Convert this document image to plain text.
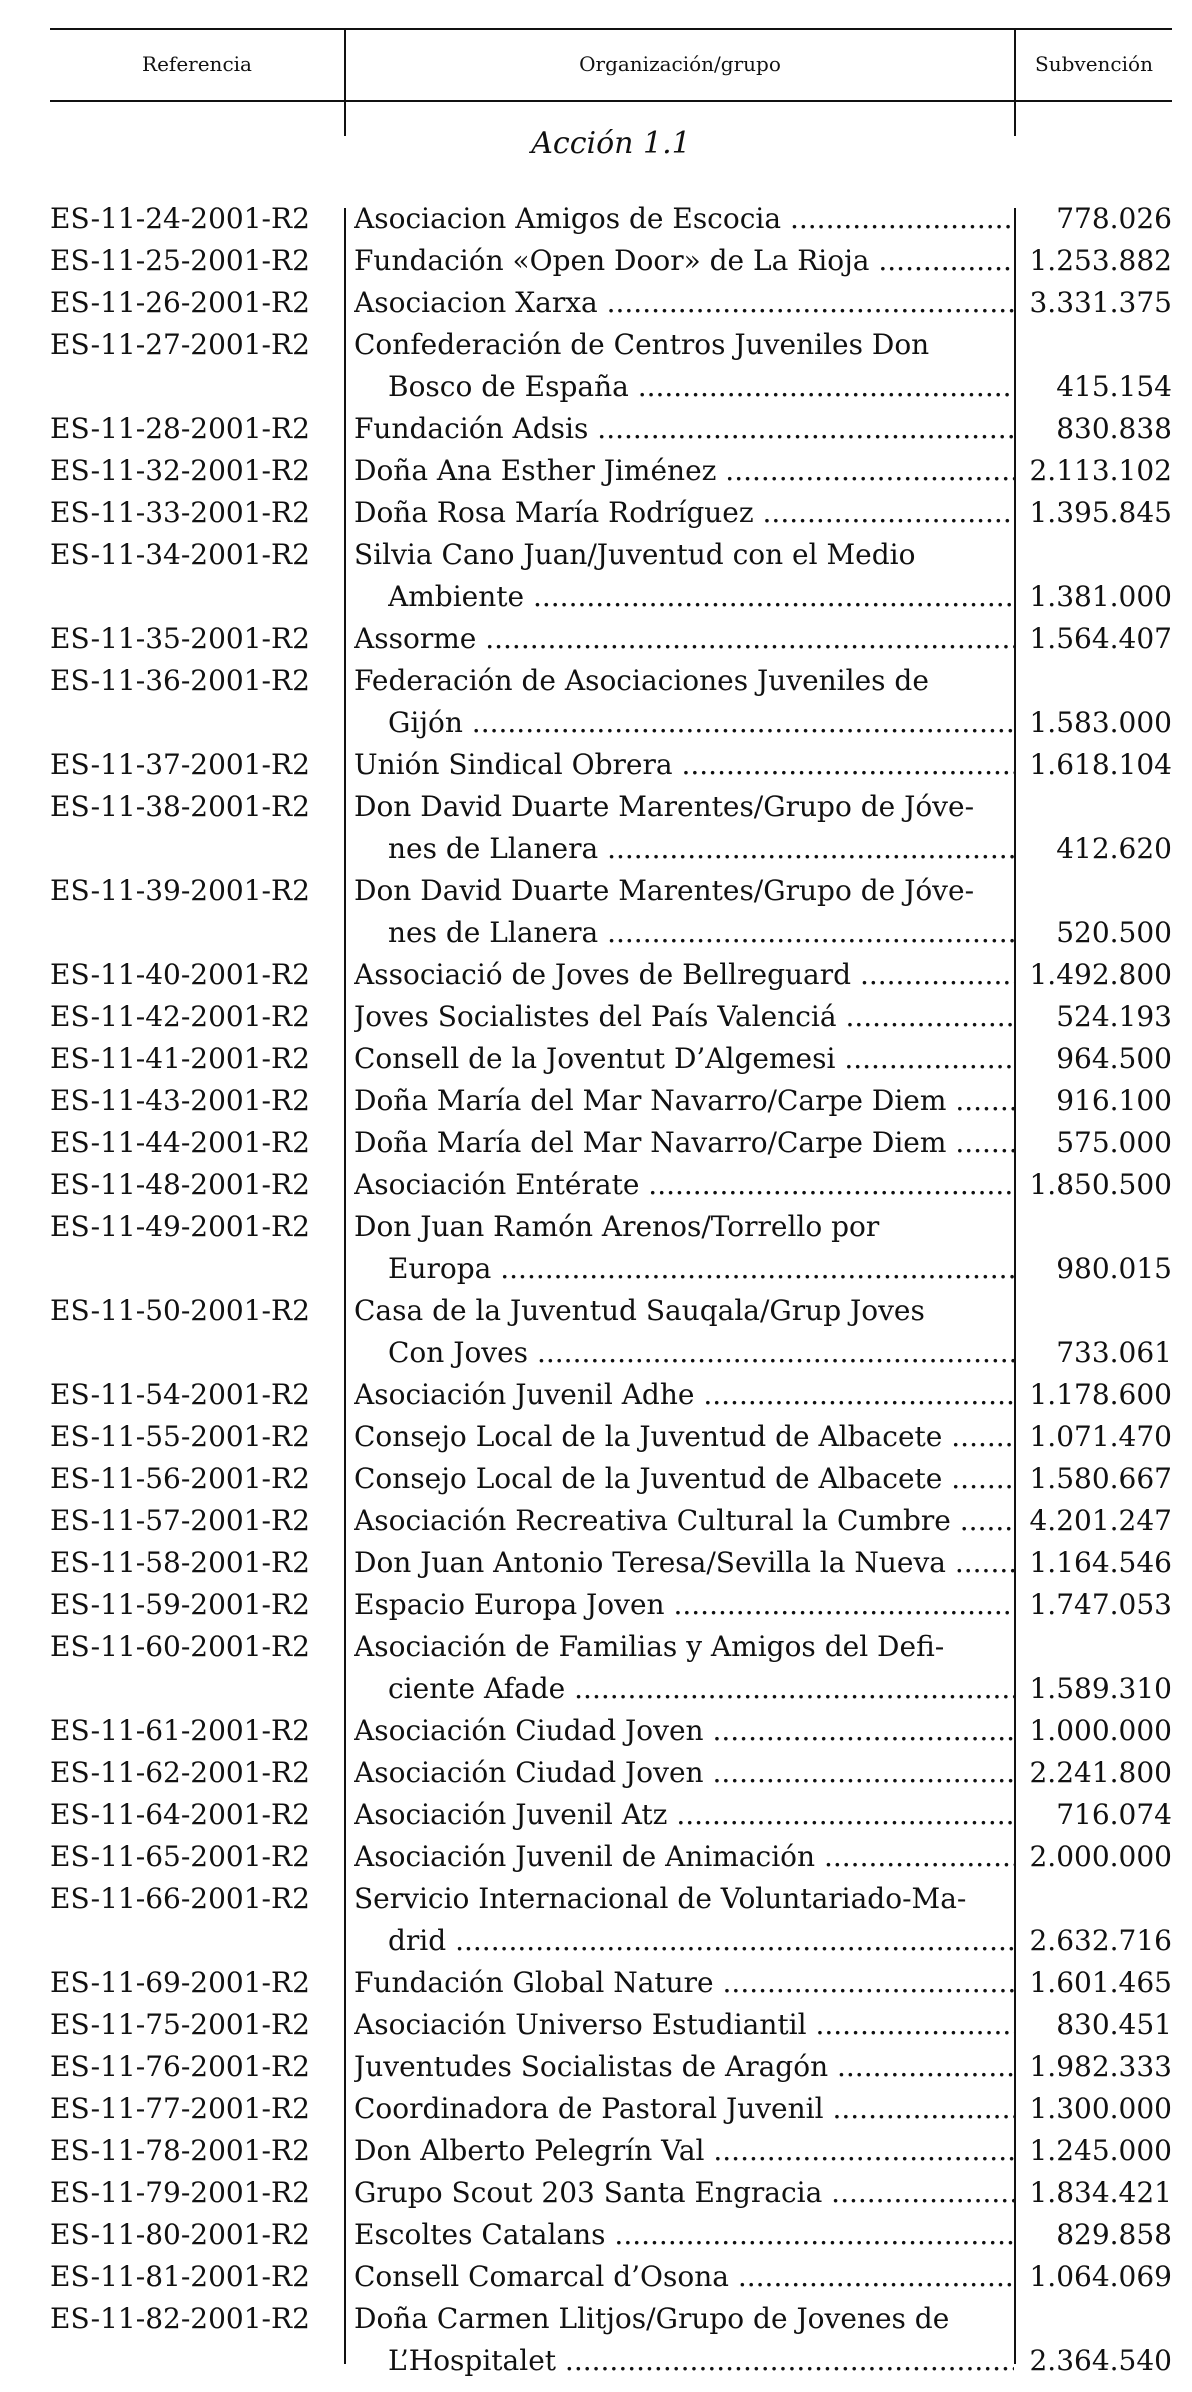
Referencia	Organización/grupo	Subvención
Acción 1.1
ES-11-24-2001-R2	Asociacion Amigos de Escocia .....	778.026
ES-11-25-2001-R2	Fundación «Open Door» de La Rioja .....	1.253.882
ES-11-26-2001-R2	Asociacion Xarxa .....	3.331.375
ES-11-27-2001-R2	Confederación de Centros Juveniles Don
Bosco de España .....	415.154
ES-11-28-2001-R2	Fundación Adsis .....	830.838
ES-11-32-2001-R2	Doña Ana Esther Jiménez .....	2.113.102
ES-11-33-2001-R2	Doña Rosa María Rodríguez .....	1.395.845
ES-11-34-2001-R2	Silvia Cano Juan/Juventud con el Medio
Ambiente .....	1.381.000
ES-11-35-2001-R2	Assorme .....	1.564.407
ES-11-36-2001-R2	Federación de Asociaciones Juveniles de
Gijón .....	1.583.000
ES-11-37-2001-R2	Unión Sindical Obrera .....	1.618.104
ES-11-38-2001-R2	Don David Duarte Marentes/Grupo de Jóve-
nes de Llanera .....	412.620
ES-11-39-2001-R2	Don David Duarte Marentes/Grupo de Jóve-
nes de Llanera .....	520.500
ES-11-40-2001-R2	Associació de Joves de Bellreguard .....	1.492.800
ES-11-42-2001-R2	Joves Socialistes del País Valenciá .....	524.193
ES-11-41-2001-R2	Consell de la Joventut D’Algemesi .....	964.500
ES-11-43-2001-R2	Doña María del Mar Navarro/Carpe Diem .....	916.100
ES-11-44-2001-R2	Doña María del Mar Navarro/Carpe Diem .....	575.000
ES-11-48-2001-R2	Asociación Entérate .....	1.850.500
ES-11-49-2001-R2	Don Juan Ramón Arenos/Torrello por
Europa .....	980.015
ES-11-50-2001-R2	Casa de la Juventud Sauqala/Grup Joves
Con Joves .....	733.061
ES-11-54-2001-R2	Asociación Juvenil Adhe .....	1.178.600
ES-11-55-2001-R2	Consejo Local de la Juventud de Albacete .....	1.071.470
ES-11-56-2001-R2	Consejo Local de la Juventud de Albacete .....	1.580.667
ES-11-57-2001-R2	Asociación Recreativa Cultural la Cumbre .....	4.201.247
ES-11-58-2001-R2	Don Juan Antonio Teresa/Sevilla la Nueva .....	1.164.546
ES-11-59-2001-R2	Espacio Europa Joven .....	1.747.053
ES-11-60-2001-R2	Asociación de Familias y Amigos del Defi-
ciente Afade .....	1.589.310
ES-11-61-2001-R2	Asociación Ciudad Joven .....	1.000.000
ES-11-62-2001-R2	Asociación Ciudad Joven .....	2.241.800
ES-11-64-2001-R2	Asociación Juvenil Atz .....	716.074
ES-11-65-2001-R2	Asociación Juvenil de Animación .....	2.000.000
ES-11-66-2001-R2	Servicio Internacional de Voluntariado-Ma-
drid .....	2.632.716
ES-11-69-2001-R2	Fundación Global Nature .....	1.601.465
ES-11-75-2001-R2	Asociación Universo Estudiantil .....	830.451
ES-11-76-2001-R2	Juventudes Socialistas de Aragón .....	1.982.333
ES-11-77-2001-R2	Coordinadora de Pastoral Juvenil .....	1.300.000
ES-11-78-2001-R2	Don Alberto Pelegrín Val .....	1.245.000
ES-11-79-2001-R2	Grupo Scout 203 Santa Engracia .....	1.834.421
ES-11-80-2001-R2	Escoltes Catalans .....	829.858
ES-11-81-2001-R2	Consell Comarcal d’Osona .....	1.064.069
ES-11-82-2001-R2	Doña Carmen Llitjos/Grupo de Jovenes de
L’Hospitalet .....	2.364.540
